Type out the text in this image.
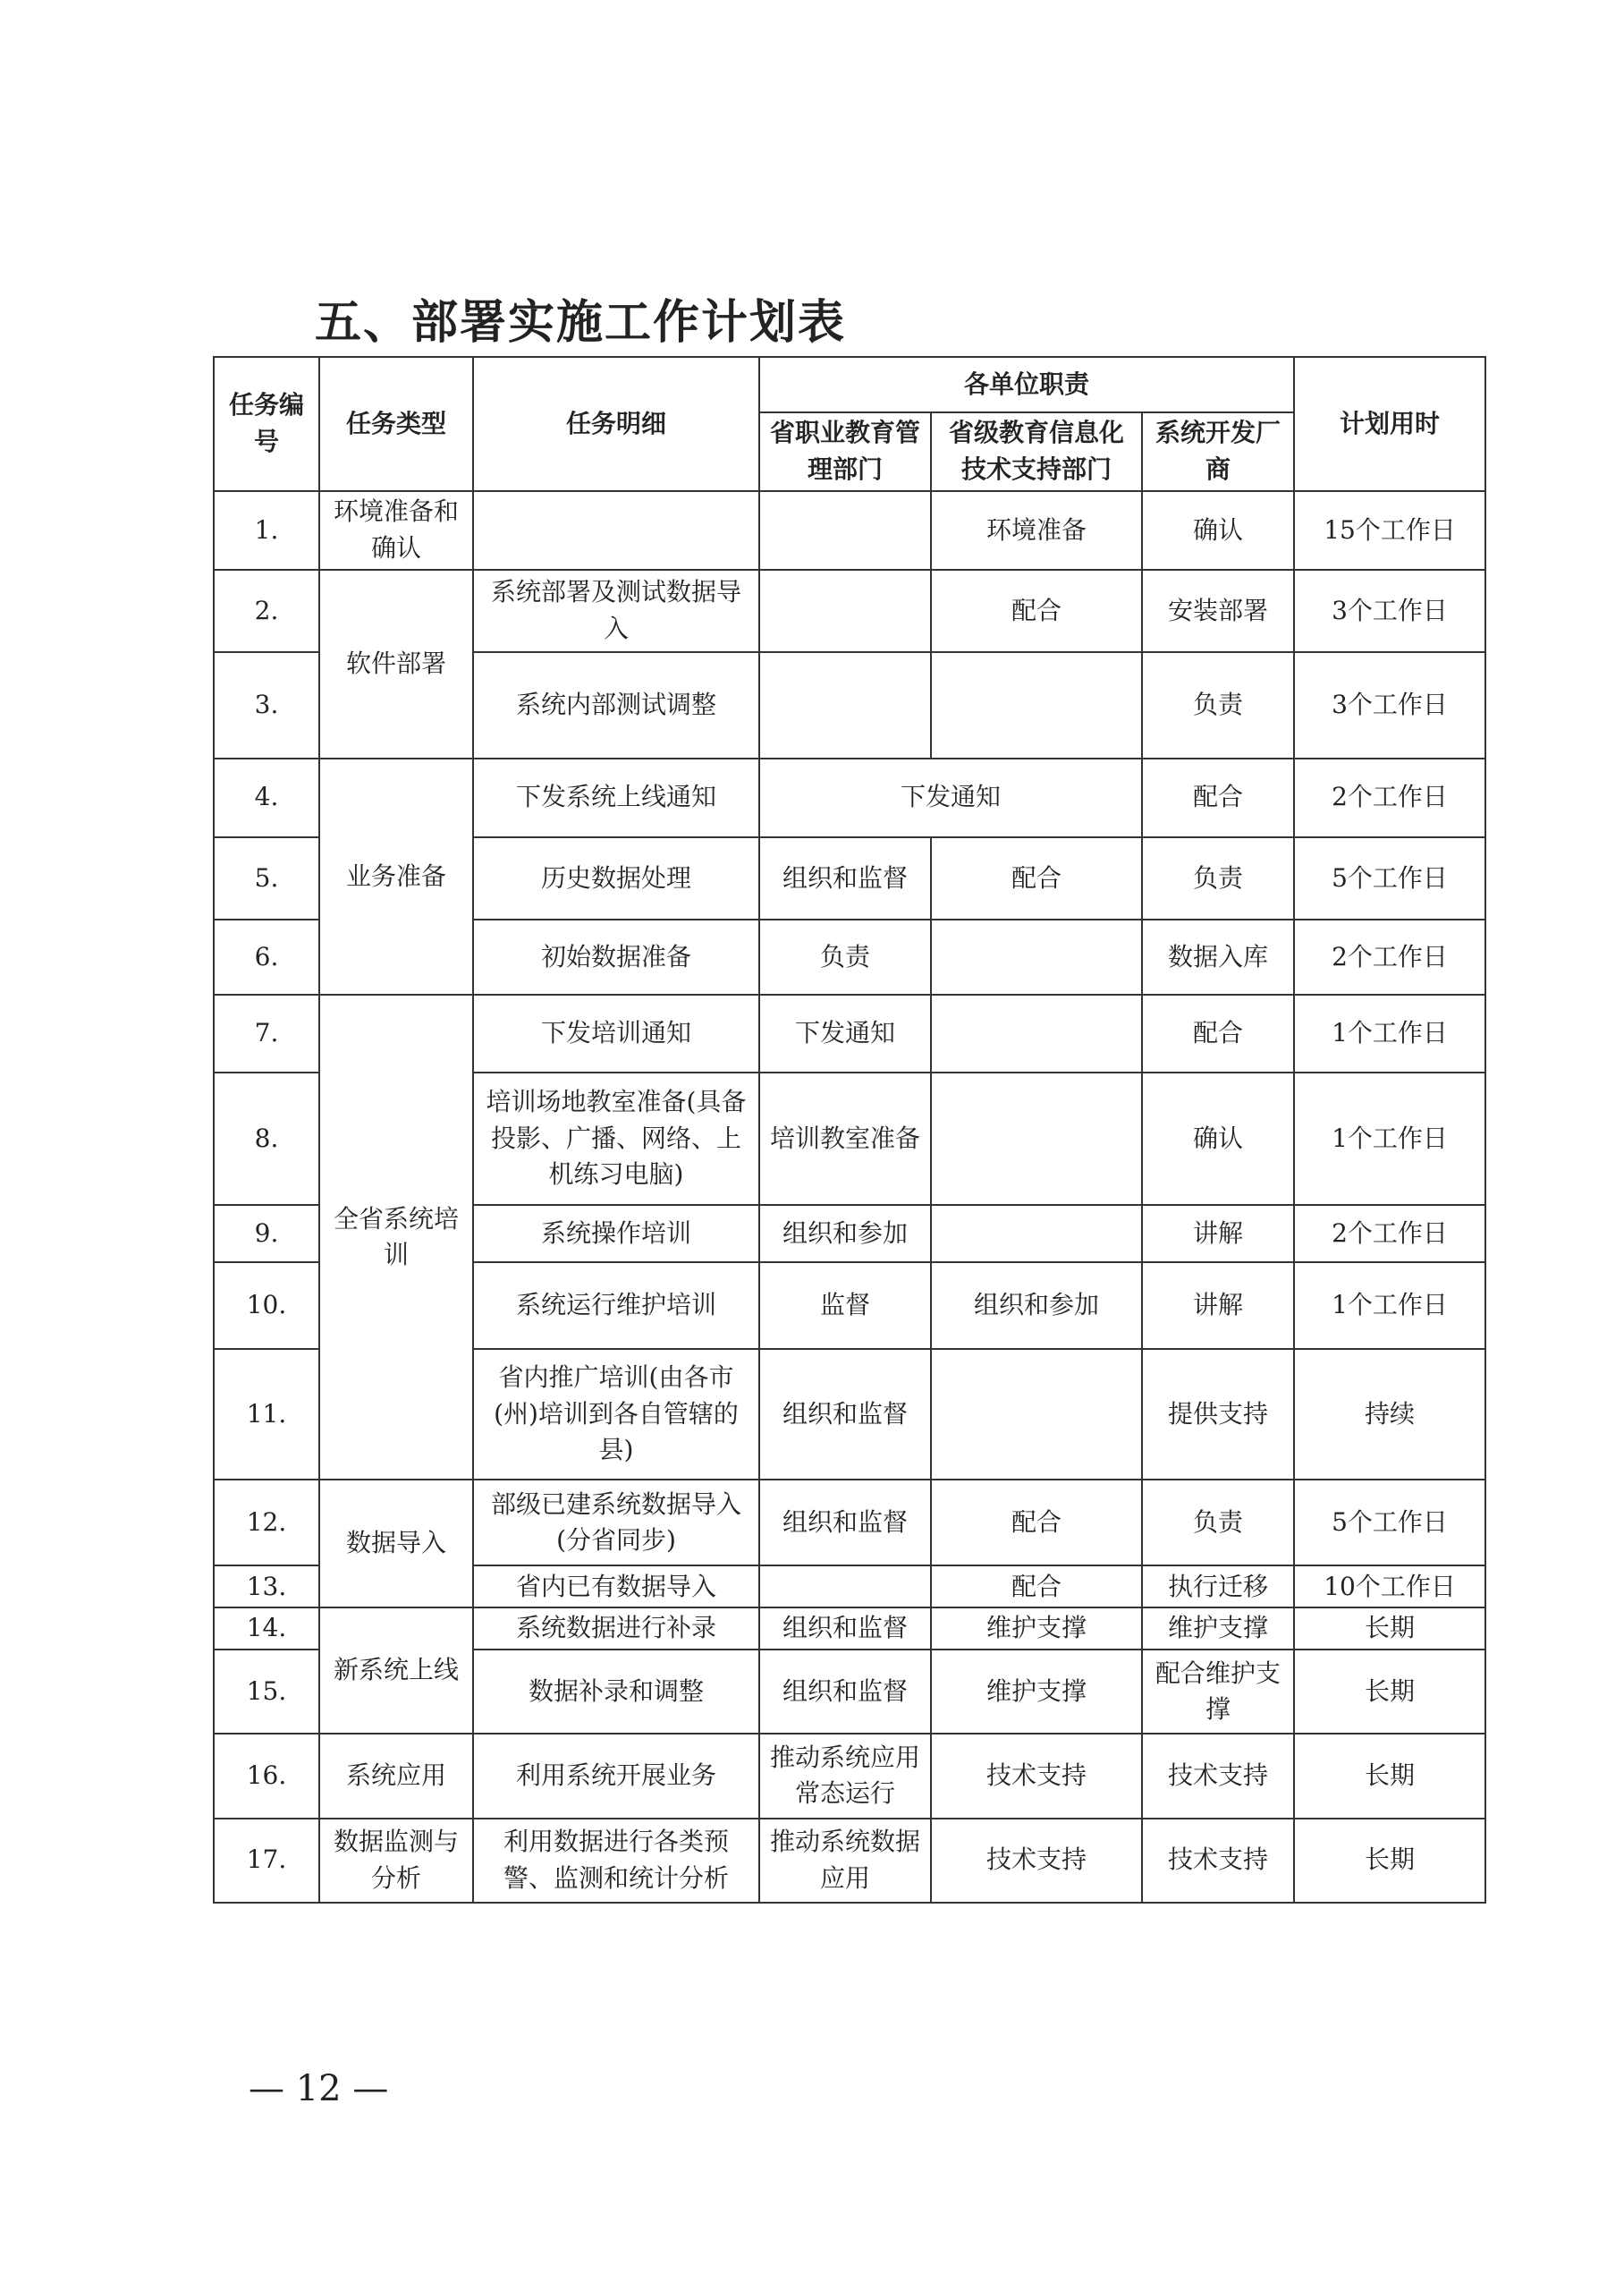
五、部署实施工作计划表
任务编号	任务类型	任务明细	各单位职责			计划用时
			省职业教育管理部门	省级教育信息化技术支持部门	系统开发厂商	
1.	环境准备和确认			环境准备	确认	15个工作日
2.	软件部署	系统部署及测试数据导入		配合	安装部署	3个工作日
3.		系统内部测试调整			负责	3个工作日
4.	业务准备	下发系统上线通知	下发通知		配合	2个工作日
5.		历史数据处理	组织和监督	配合	负责	5个工作日
6.		初始数据准备	负责		数据入库	2个工作日
7.	全省系统培训	下发培训通知	下发通知		配合	1个工作日
8.		培训场地教室准备(具备投影、广播、网络、上机练习电脑)	培训教室准备		确认	1个工作日
9.		系统操作培训	组织和参加		讲解	2个工作日
10.		系统运行维护培训	监督	组织和参加	讲解	1个工作日
11.		省内推广培训(由各市(州)培训到各自管辖的县)	组织和监督		提供支持	持续
12.	数据导入	部级已建系统数据导入(分省同步)	组织和监督	配合	负责	5个工作日
13.		省内已有数据导入		配合	执行迁移	10个工作日
14.	新系统上线	系统数据进行补录	组织和监督	维护支撑	维护支撑	长期
15.		数据补录和调整	组织和监督	维护支撑	配合维护支撑	长期
16.	系统应用	利用系统开展业务	推动系统应用常态运行	技术支持	技术支持	长期
17.	数据监测与分析	利用数据进行各类预警、监测和统计分析	推动系统数据应用	技术支持	技术支持	长期
— 12 —
